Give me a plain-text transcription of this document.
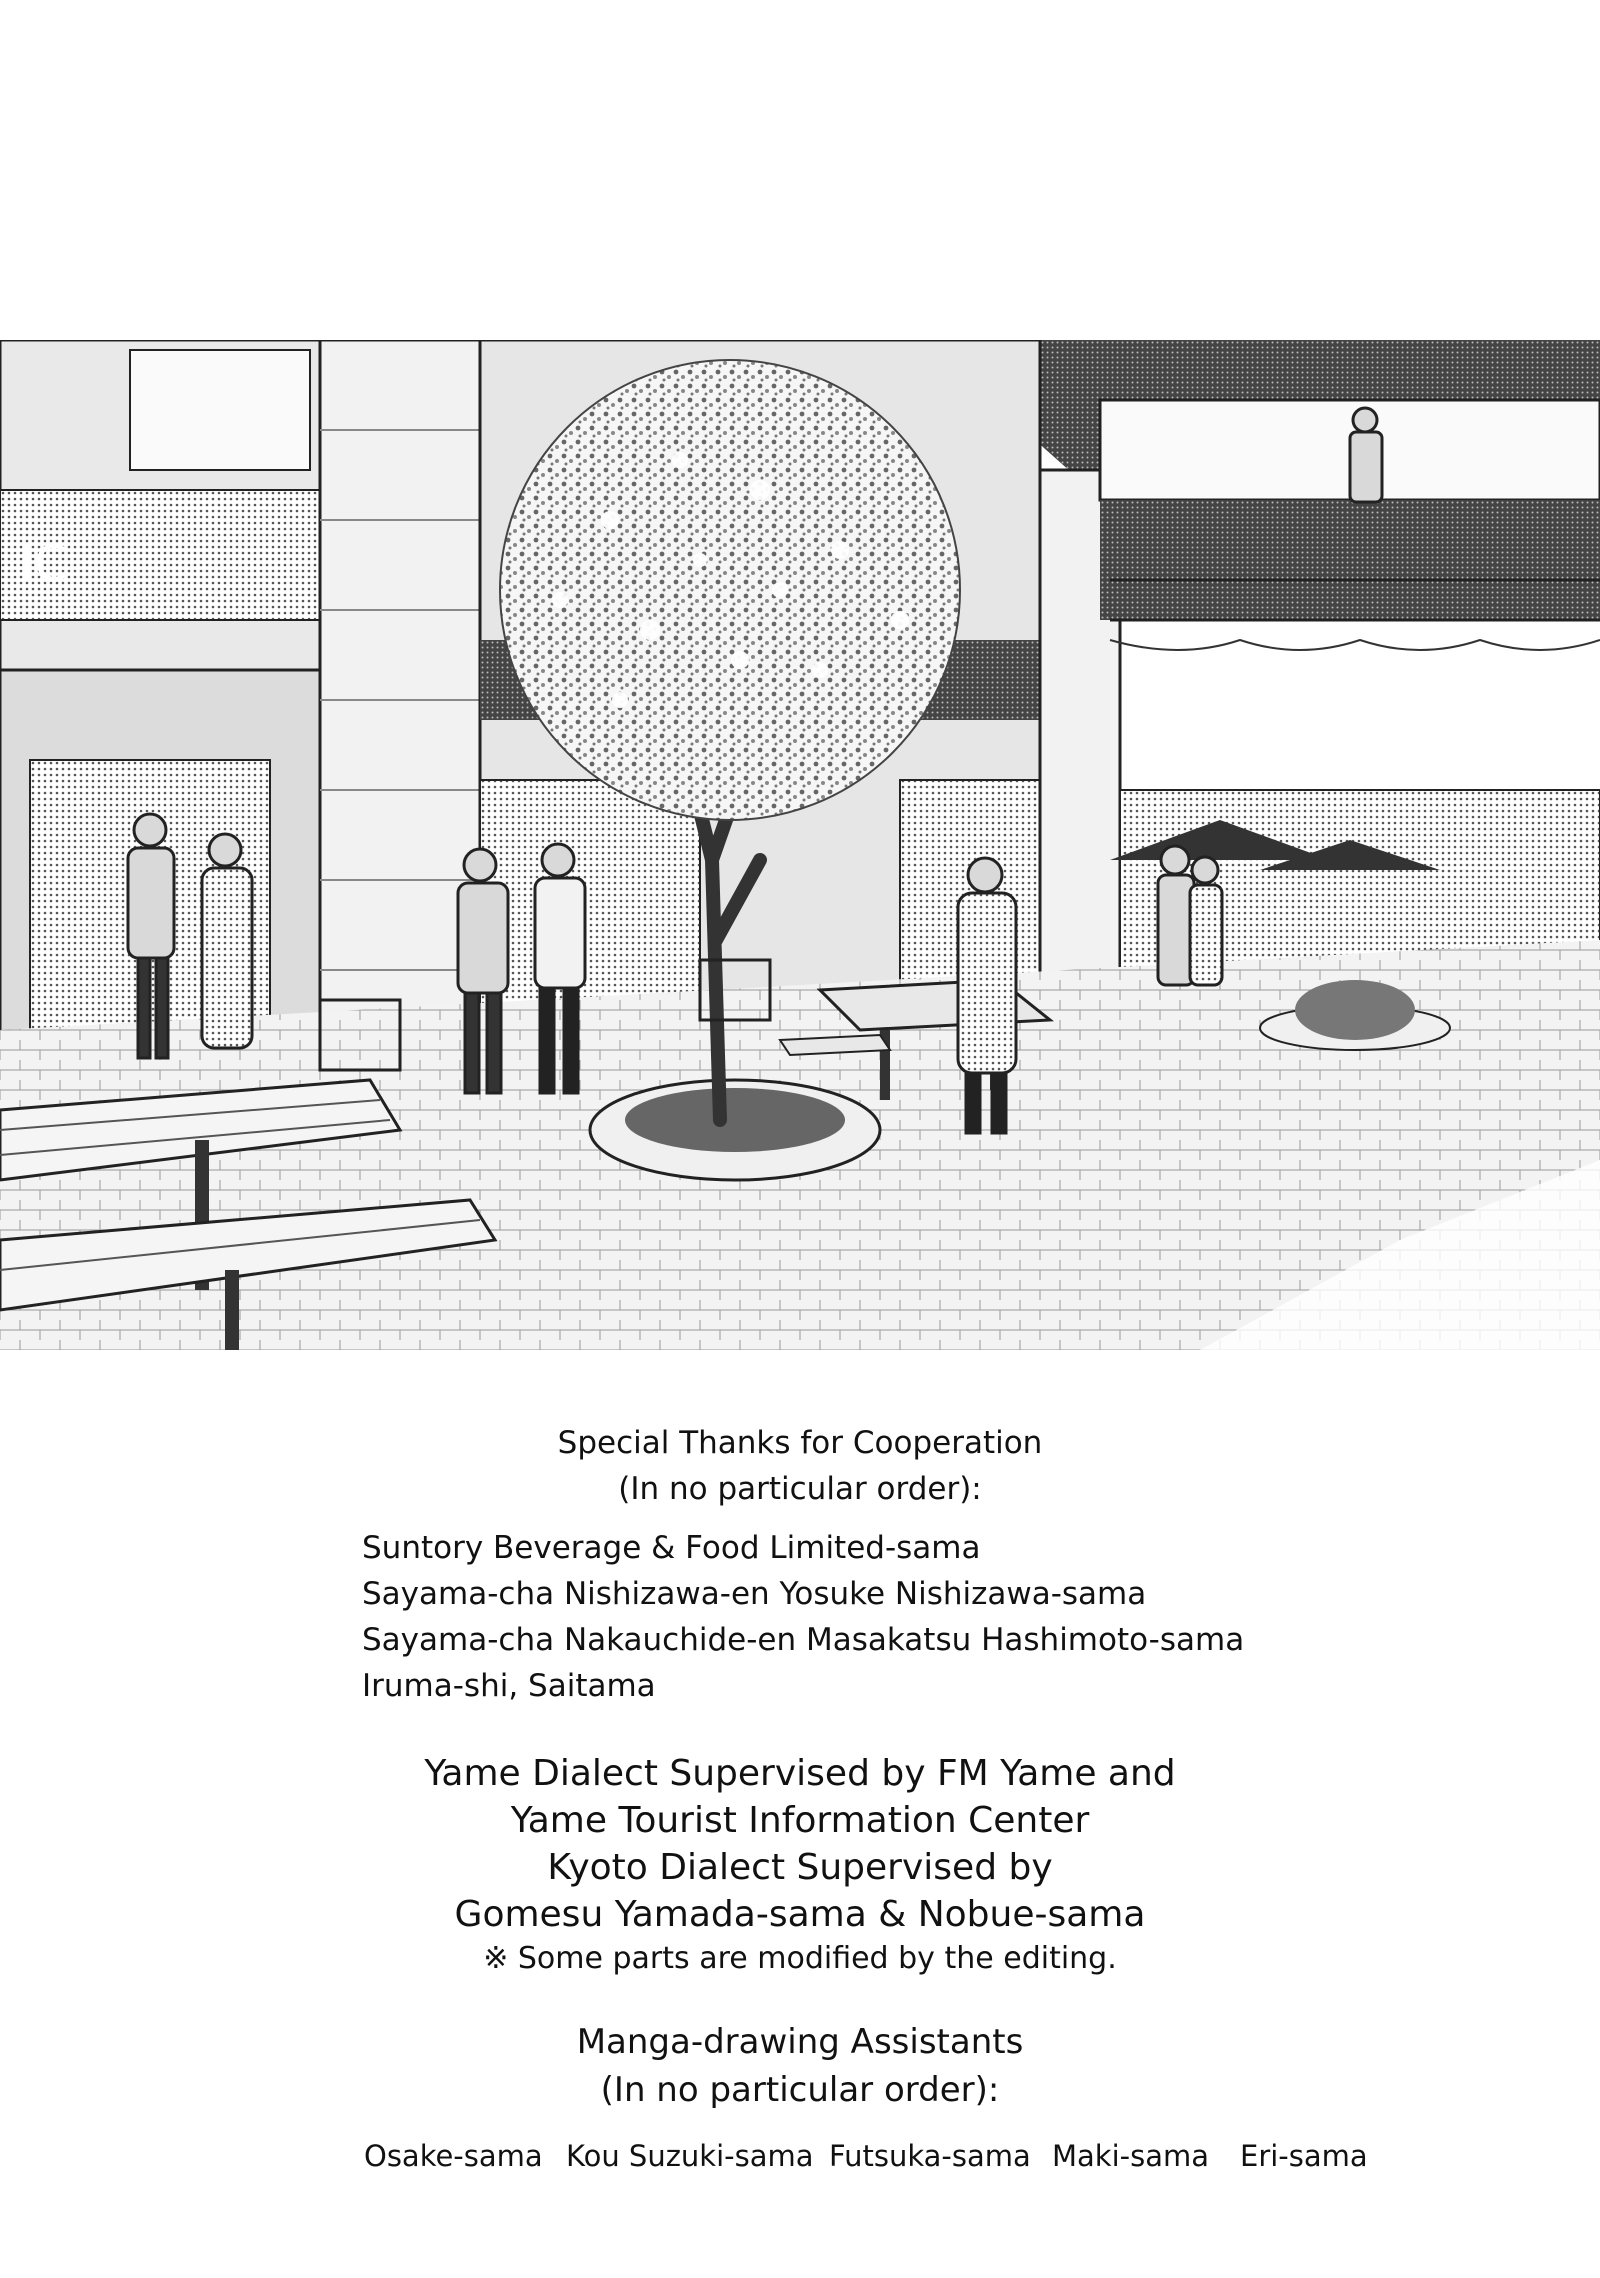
IC
Special Thanks for Cooperation
(In no particular order):
Suntory Beverage & Food Limited-sama
Sayama-cha Nishizawa-en Yosuke Nishizawa-sama
Sayama-cha Nakauchide-en Masakatsu Hashimoto-sama
Iruma-shi, Saitama
Yame Dialect Supervised by FM Yame and
Yame Tourist Information Center
Kyoto Dialect Supervised by
Gomesu Yamada-sama & Nobue-sama
※ Some parts are modified by the editing.
Manga-drawing Assistants
(In no particular order):
Osake-sama Kou Suzuki-sama Futsuka-sama Maki-sama Eri-sama
